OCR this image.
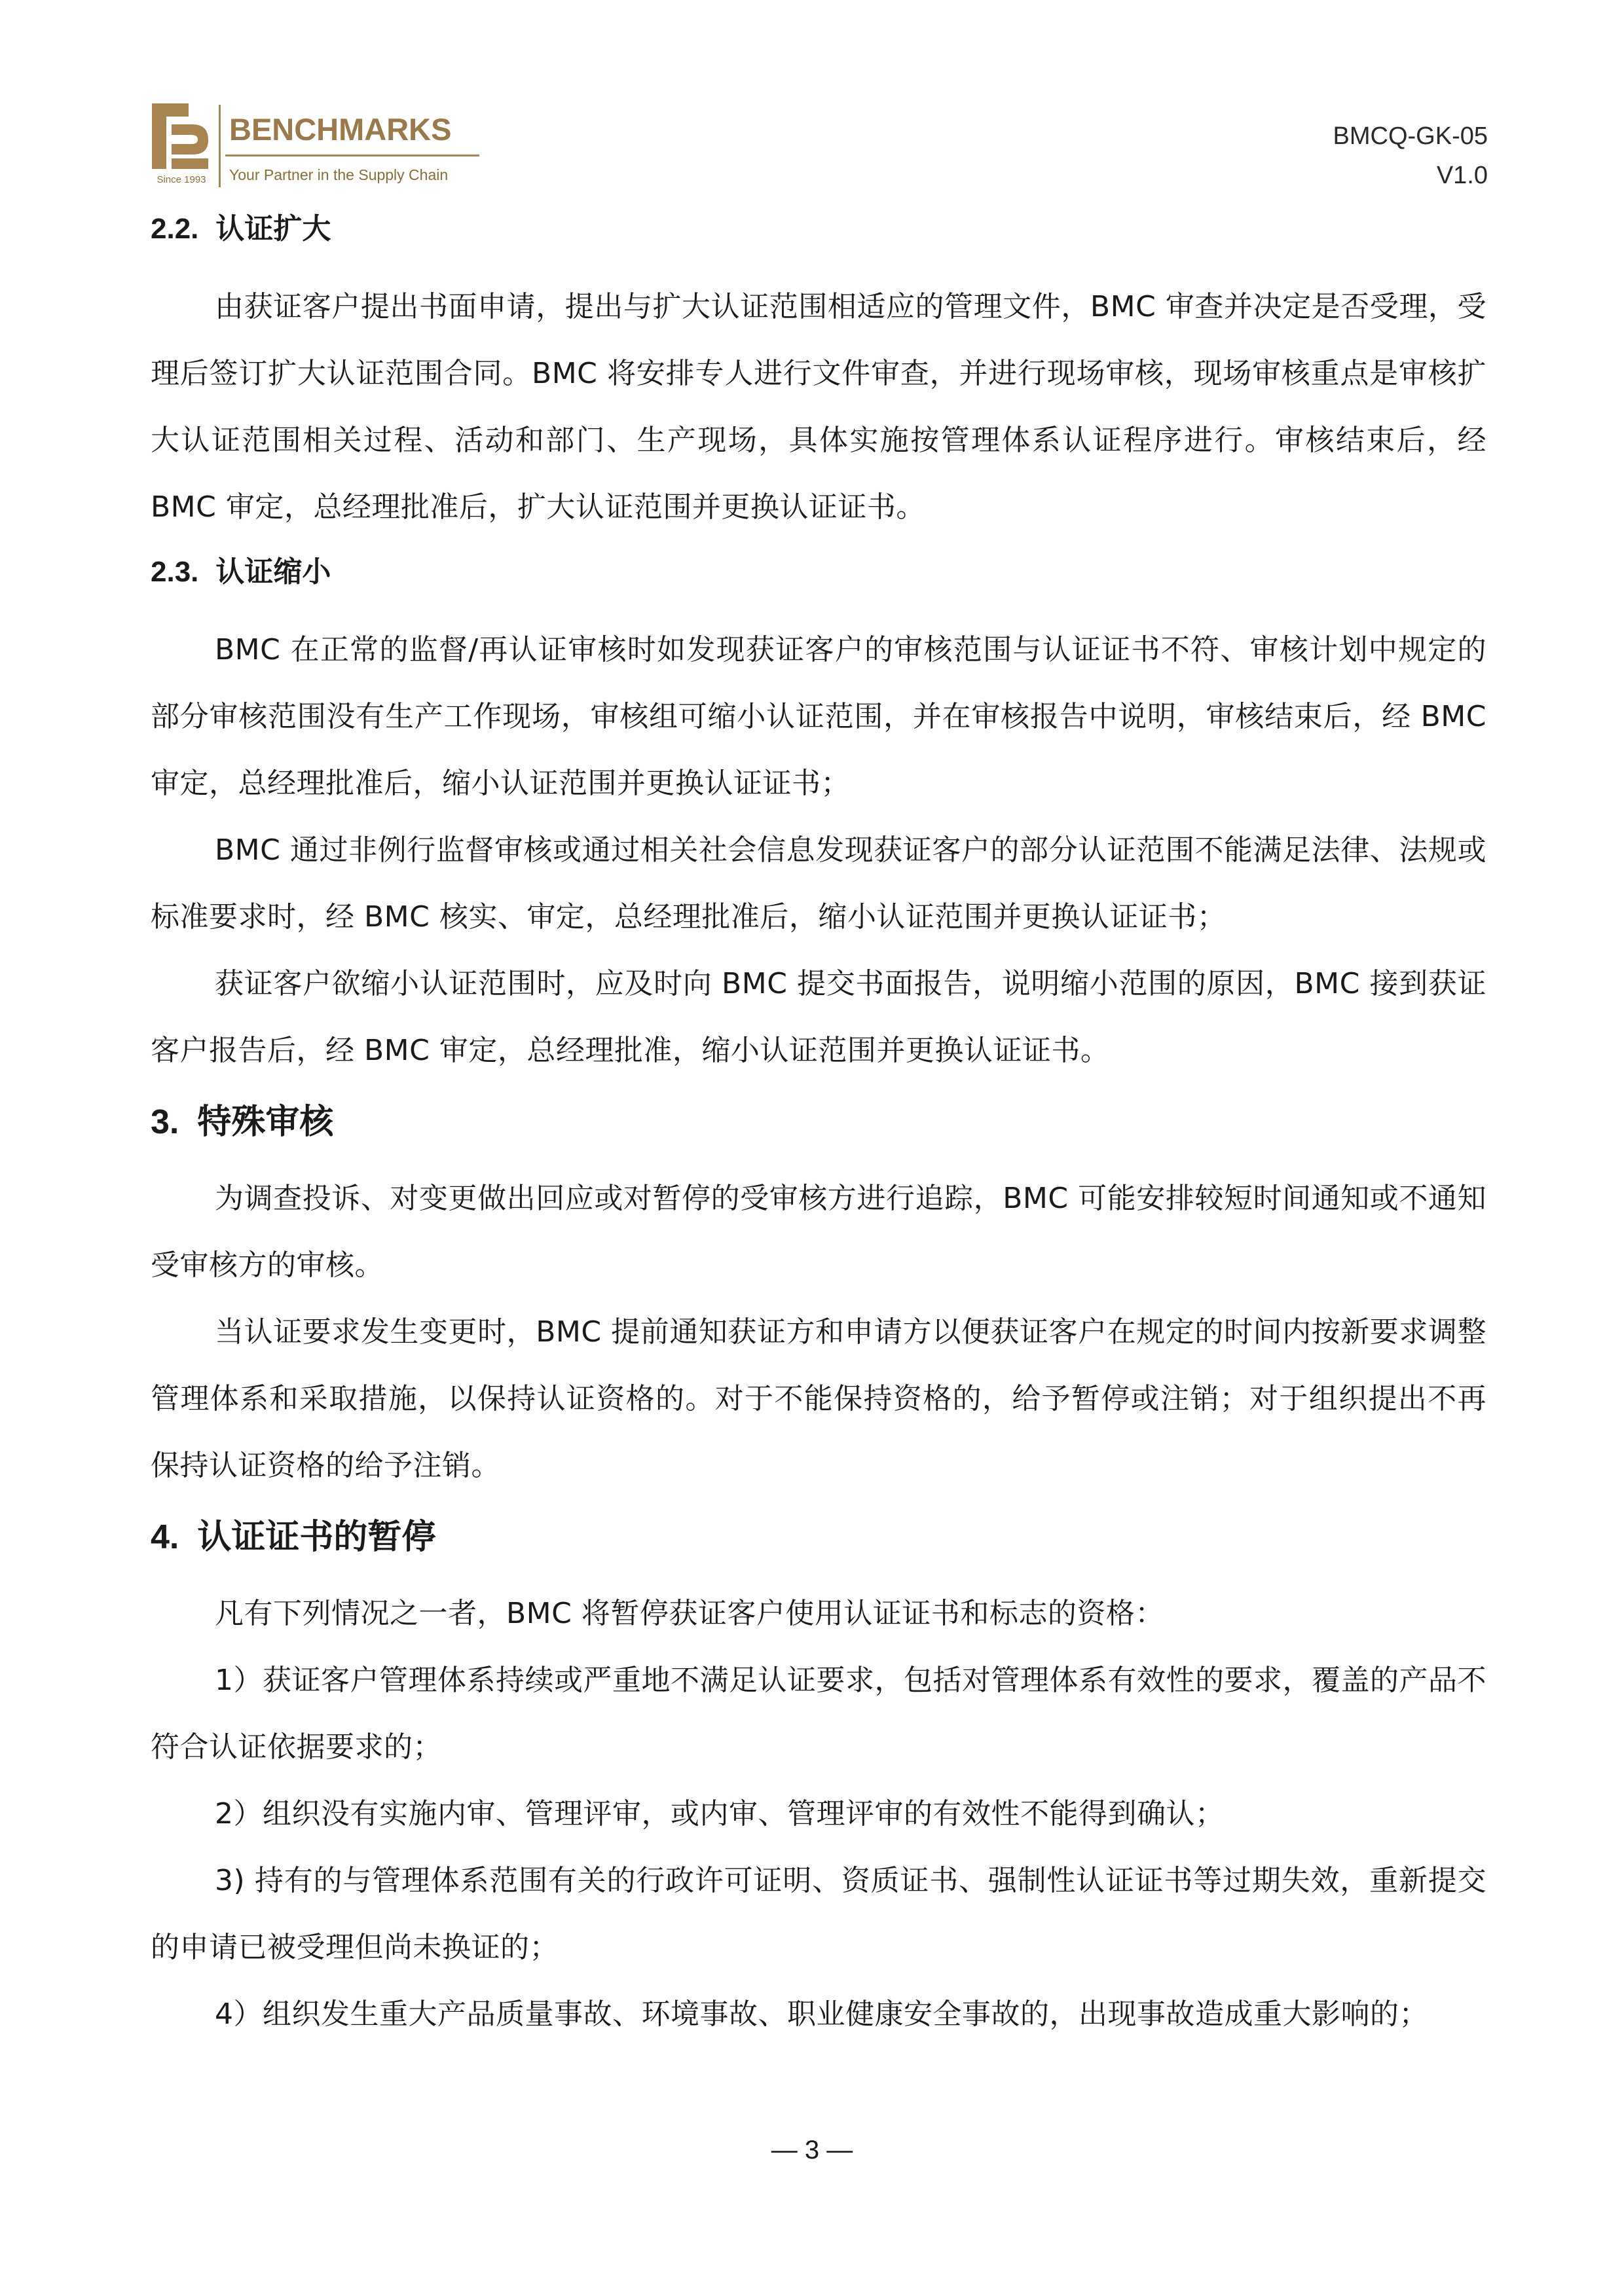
Since 1993
BENCHMARKS
Your Partner in the Supply Chain
BMCQ-GK-05
V1.0
2.2. 认证扩大

由获证客户提出书面申请，提出与扩大认证范围相适应的管理文件，BMC 审查并决定是否受理，受理后签订扩大认证范围合同。BMC 将安排专人进行文件审查，并进行现场审核，现场审核重点是审核扩大认证范围相关过程、活动和部门、生产现场，具体实施按管理体系认证程序进行。审核结束后，经 BMC 审定，总经理批准后，扩大认证范围并更换认证证书。

2.3. 认证缩小

BMC 在正常的监督/再认证审核时如发现获证客户的审核范围与认证证书不符、审核计划中规定的部分审核范围没有生产工作现场，审核组可缩小认证范围，并在审核报告中说明，审核结束后，经 BMC 审定，总经理批准后，缩小认证范围并更换认证证书；

BMC 通过非例行监督审核或通过相关社会信息发现获证客户的部分认证范围不能满足法律、法规或标准要求时，经 BMC 核实、审定，总经理批准后，缩小认证范围并更换认证证书；

获证客户欲缩小认证范围时，应及时向 BMC 提交书面报告，说明缩小范围的原因，BMC 接到获证客户报告后，经 BMC 审定，总经理批准，缩小认证范围并更换认证证书。

3. 特殊审核

为调查投诉、对变更做出回应或对暂停的受审核方进行追踪，BMC 可能安排较短时间通知或不通知受审核方的审核。

当认证要求发生变更时，BMC 提前通知获证方和申请方以便获证客户在规定的时间内按新要求调整管理体系和采取措施，以保持认证资格的。对于不能保持资格的，给予暂停或注销；对于组织提出不再保持认证资格的给予注销。

4. 认证证书的暂停

凡有下列情况之一者，BMC 将暂停获证客户使用认证证书和标志的资格：

1）获证客户管理体系持续或严重地不满足认证要求，包括对管理体系有效性的要求，覆盖的产品不符合认证依据要求的；

2）组织没有实施内审、管理评审，或内审、管理评审的有效性不能得到确认；

3) 持有的与管理体系范围有关的行政许可证明、资质证书、强制性认证证书等过期失效，重新提交的申请已被受理但尚未换证的；

4）组织发生重大产品质量事故、环境事故、职业健康安全事故的，出现事故造成重大影响的；

— 3 —
